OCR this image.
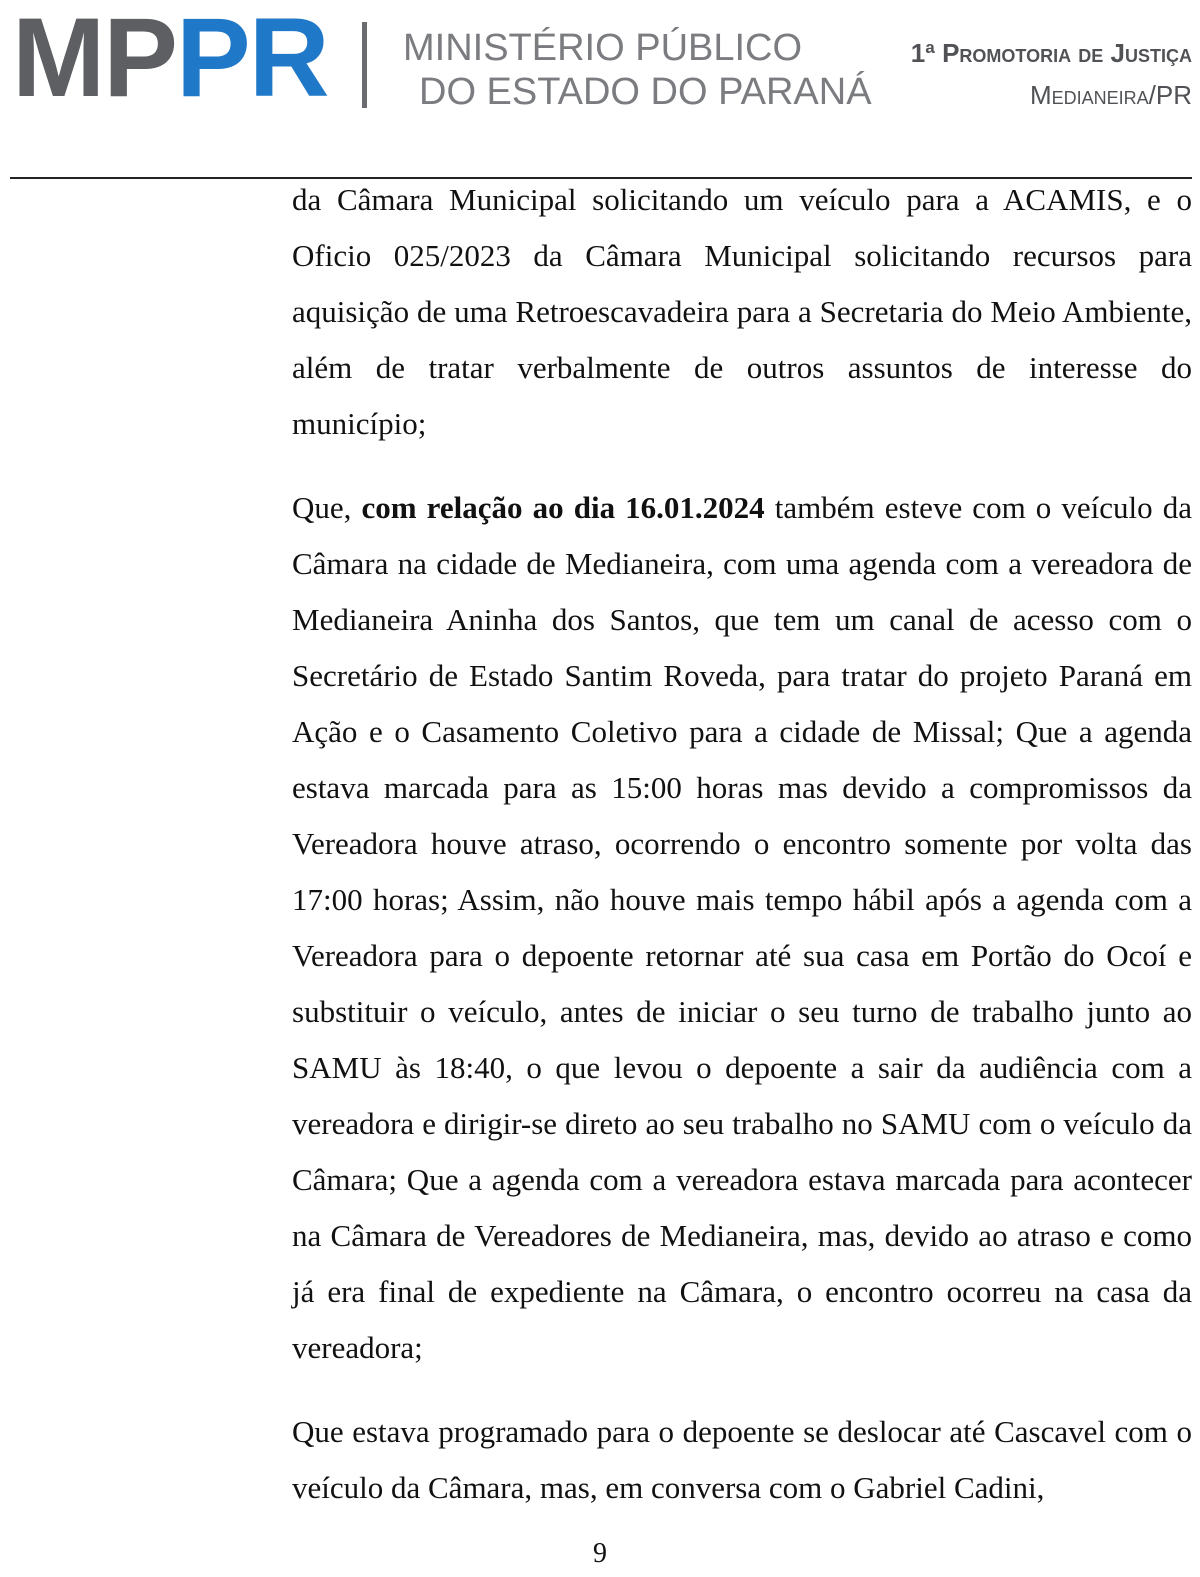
MPPR MINISTÉRIO PÚBLICO
DO ESTADO DO PARANÁ
1ª Promotoria de Justiça
Medianeira/PR

da Câmara Municipal solicitando um veículo para a ACAMIS, e o Oficio 025/2023 da Câmara Municipal solicitando recursos para aquisição de uma Retroescavadeira para a Secretaria do Meio Ambiente, além de tratar verbalmente de outros assuntos de interesse do município;

Que, com relação ao dia 16.01.2024 também esteve com o veículo da Câmara na cidade de Medianeira, com uma agenda com a vereadora de Medianeira Aninha dos Santos, que tem um canal de acesso com o Secretário de Estado Santim Roveda, para tratar do projeto Paraná em Ação e o Casamento Coletivo para a cidade de Missal; Que a agenda estava marcada para as 15:00 horas mas devido a compromissos da Vereadora houve atraso, ocorrendo o encontro somente por volta das 17:00 horas; Assim, não houve mais tempo hábil após a agenda com a Vereadora para o depoente retornar até sua casa em Portão do Ocoí e substituir o veículo, antes de iniciar o seu turno de trabalho junto ao SAMU às 18:40, o que levou o depoente a sair da audiência com a vereadora e dirigir-se direto ao seu trabalho no SAMU com o veículo da Câmara; Que a agenda com a vereadora estava marcada para acontecer na Câmara de Vereadores de Medianeira, mas, devido ao atraso e como já era final de expediente na Câmara, o encontro ocorreu na casa da vereadora;

Que estava programado para o depoente se deslocar até Cascavel com o veículo da Câmara, mas, em conversa com o Gabriel Cadini,

9
